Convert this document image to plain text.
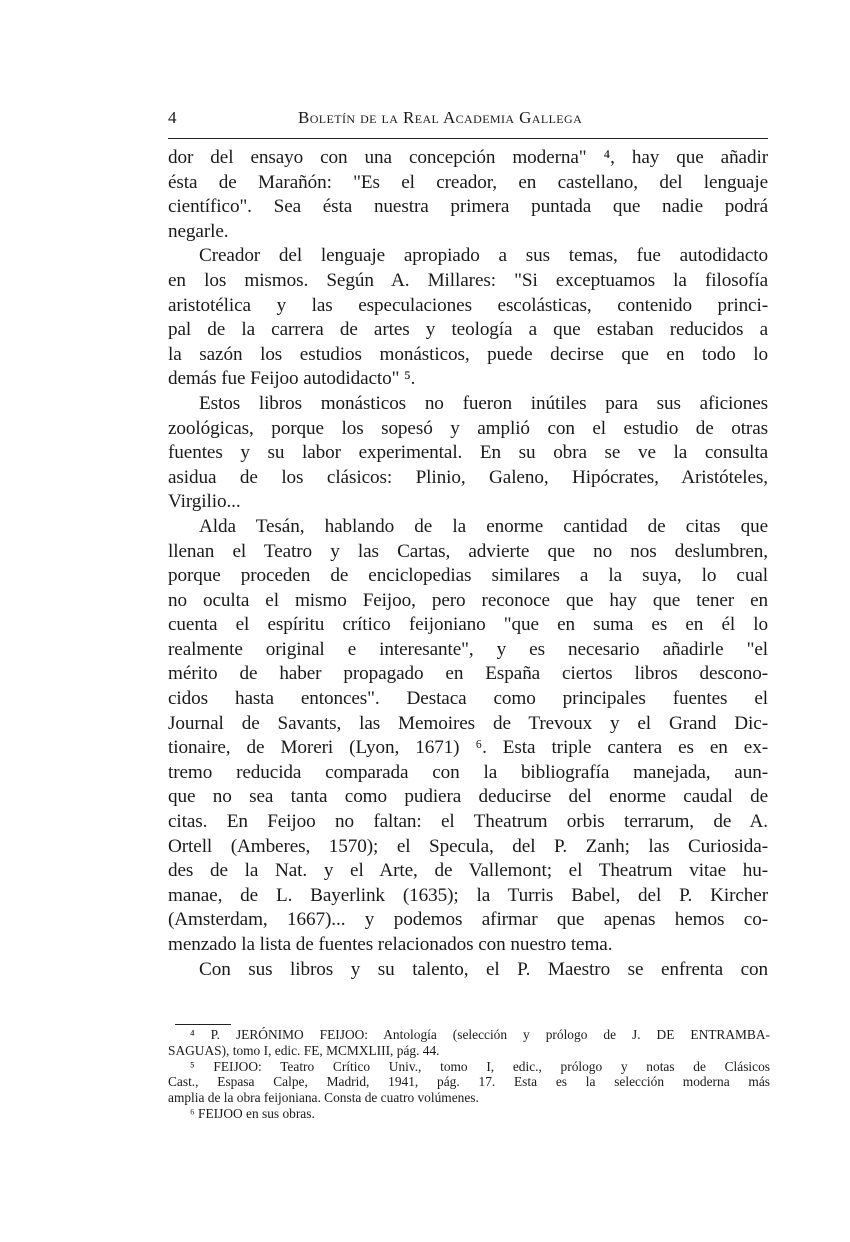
4	Boletín de la Real Academia Gallega
dor del ensayo con una concepción moderna" ⁴, hay que añadir
ésta de Marañón: "Es el creador, en castellano, del lenguaje
científico". Sea ésta nuestra primera puntada que nadie podrá
negarle.
Creador del lenguaje apropiado a sus temas, fue autodidacto
en los mismos. Según A. Millares: "Si exceptuamos la filosofía
aristotélica y las especulaciones escolásticas, contenido princi-
pal de la carrera de artes y teología a que estaban reducidos a
la sazón los estudios monásticos, puede decirse que en todo lo
demás fue Feijoo autodidacto" ⁵.
Estos libros monásticos no fueron inútiles para sus aficiones
zoológicas, porque los sopesó y amplió con el estudio de otras
fuentes y su labor experimental. En su obra se ve la consulta
asidua de los clásicos: Plinio, Galeno, Hipócrates, Aristóteles,
Virgilio...
Alda Tesán, hablando de la enorme cantidad de citas que
llenan el Teatro y las Cartas, advierte que no nos deslumbren,
porque proceden de enciclopedias similares a la suya, lo cual
no oculta el mismo Feijoo, pero reconoce que hay que tener en
cuenta el espíritu crítico feijoniano "que en suma es en él lo
realmente original e interesante", y es necesario añadirle "el
mérito de haber propagado en España ciertos libros descono-
cidos hasta entonces". Destaca como principales fuentes el
Journal de Savants, las Memoires de Trevoux y el Grand Dic-
tionaire, de Moreri (Lyon, 1671) ⁶. Esta triple cantera es en ex-
tremo reducida comparada con la bibliografía manejada, aun-
que no sea tanta como pudiera deducirse del enorme caudal de
citas. En Feijoo no faltan: el Theatrum orbis terrarum, de A.
Ortell (Amberes, 1570); el Specula, del P. Zanh; las Curiosida-
des de la Nat. y el Arte, de Vallemont; el Theatrum vitae hu-
manae, de L. Bayerlink (1635); la Turris Babel, del P. Kircher
(Amsterdam, 1667)... y podemos afirmar que apenas hemos co-
menzado la lista de fuentes relacionados con nuestro tema.
Con sus libros y su talento, el P. Maestro se enfrenta con
⁴ P. JERÓNIMO FEIJOO: Antología (selección y prólogo de J. DE ENTRAMBA-
SAGUAS), tomo I, edic. FE, MCMXLIII, pág. 44.
⁵ FEIJOO: Teatro Crítico Univ., tomo I, edic., prólogo y notas de Clásicos
Cast., Espasa Calpe, Madrid, 1941, pág. 17. Esta es la selección moderna más
amplia de la obra feijoniana. Consta de cuatro volúmenes.
⁶ FEIJOO en sus obras.
